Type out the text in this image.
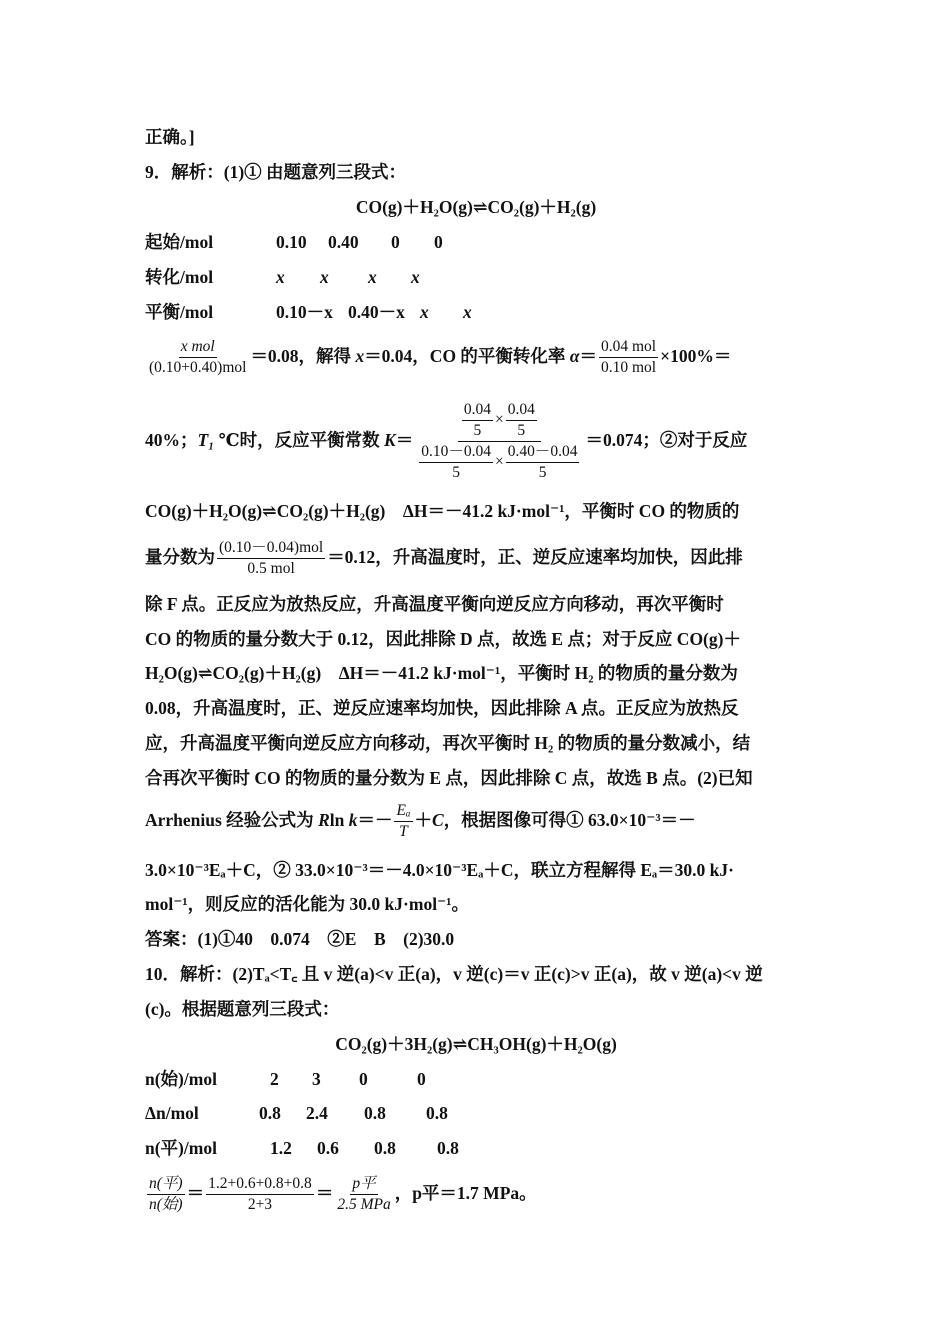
正确。]
9．解析：(1)① 由题意列三段式：
CO(g)＋H₂O(g)⇌CO₂(g)＋H₂(g)
起始/mol	0.10 0.40 0 0
转化/mol	x x x x
平衡/mol	0.10－x 0.40－x x x
$\frac{\text{x mol}}{\text{(0.10+0.40)mol}} =0.08$，解得 x＝0.04，CO 的平衡转化率 $\alpha= \frac{\text{0.04 mol}}{\text{0.10 mol}} \times 100\%=$
40%；T₁ ℃时，反应平衡常数 $K= \frac{\frac{0.04}{5} \times \frac{0.04}{5}}{\frac{0.10-0.04}{5} \times \frac{0.40-0.04}{5}} =0.074$；②对于反应
CO(g)＋H₂O(g)⇌CO₂(g)＋H₂(g)　ΔH＝－41.2 kJ·mol⁻¹，平衡时 CO 的物质的
量分数为 $\frac{\text{(0.10－0.04)mol}}{\text{0.5 mol}} =0.12$，升高温度时，正、逆反应速率均加快，因此排
除 F 点。正反应为放热反应，升高温度平衡向逆反应方向移动，再次平衡时
CO 的物质的量分数大于 0.12，因此排除 D 点，故选 E 点；对于反应 CO(g)＋
H₂O(g)⇌CO₂(g)＋H₂(g)　ΔH＝－41.2 kJ·mol⁻¹，平衡时 H₂ 的物质的量分数为
0.08，升高温度时，正、逆反应速率均加快，因此排除 A 点。正反应为放热反
应，升高温度平衡向逆反应方向移动，再次平衡时 H₂ 的物质的量分数减小，结
合再次平衡时 CO 的物质的量分数为 E 点，因此排除 C 点，故选 B 点。(2)已知
Arrhenius 经验公式为 Rln $k=- \frac{\text{Eₐ}}{T} +C$，根据图像可得① 63.0×10⁻³＝－
3.0×10⁻³Eₐ＋C，② 33.0×10⁻³＝－4.0×10⁻³Eₐ＋C，联立方程解得 Eₐ＝30.0 kJ·
mol⁻¹，则反应的活化能为 30.0 kJ·mol⁻¹。
答案：(1)①40　0.074　②E　B　(2)30.0
10．解析：(2)Tₐ<T꜀ 且 v 逆(a)<v 正(a)，v 逆(c)＝v 正(c)>v 正(a)，故 v 逆(a)<v 逆
(c)。根据题意列三段式：
CO₂(g)＋3H₂(g)⇌CH₃OH(g)＋H₂O(g)
n(始)/mol	2 3 0	0
Δn/mol	0.8 2.4 0.8 0.8
n(平)/mol	1.2 0.6 0.8 0.8
$\frac{\text{n(平)}}{\text{n(始)}} = \frac{1.2+0.6+0.8+0.8}{2+3} = \frac{\text{p平}}{\text{2.5 MPa}}$ ，p平＝1.7 MPa。
